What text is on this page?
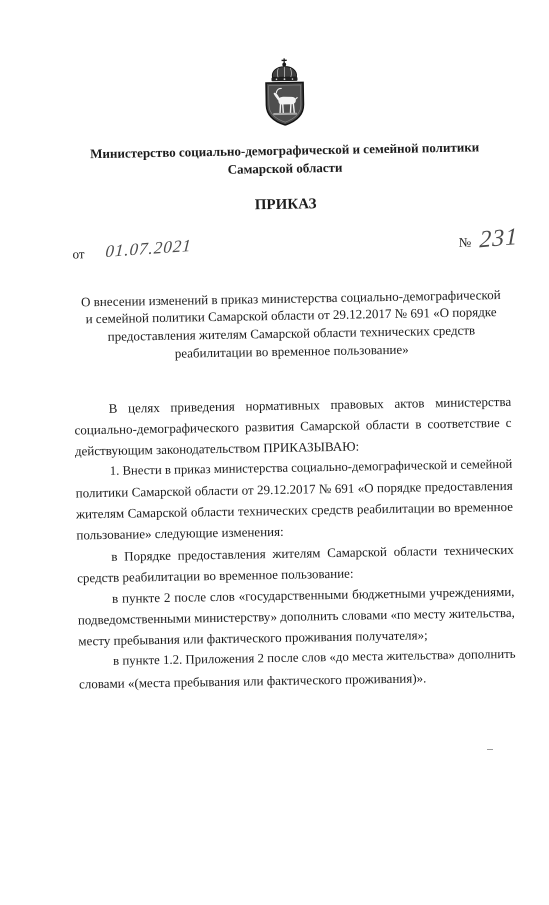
Министерство социально-демографической и семейной политики
Самарской области
ПРИКАЗ
от 01.07.2021	№ 231
О внесении изменений в приказ министерства социально-демографической
и семейной политики Самарской области от 29.12.2017 № 691 «О порядке
предоставления жителям Самарской области технических средств
реабилитации во временное пользование»
В целях приведения нормативных правовых актов министерства
социально-демографического развития Самарской области в соответствие с
действующим законодательством ПРИКАЗЫВАЮ:
1. Внести в приказ министерства социально-демографической и семейной
политики Самарской области от 29.12.2017 № 691 «О порядке предоставления
жителям Самарской области технических средств реабилитации во временное
пользование» следующие изменения:
в Порядке предоставления жителям Самарской области технических
средств реабилитации во временное пользование:
в пункте 2 после слов «государственными бюджетными учреждениями,
подведомственными министерству» дополнить словами «по месту жительства,
месту пребывания или фактического проживания получателя»;
в пункте 1.2. Приложения 2 после слов «до места жительства» дополнить
словами «(места пребывания или фактического проживания)».
